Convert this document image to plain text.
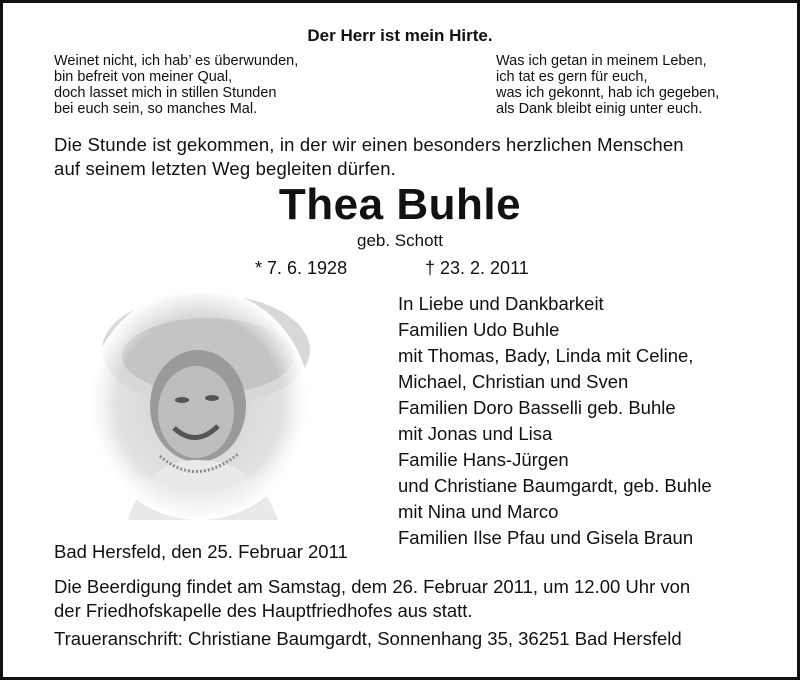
Der Herr ist mein Hirte.
Weinet nicht, ich hab’ es überwunden,
bin befreit von meiner Qual,
doch lasset mich in stillen Stunden
bei euch sein, so manches Mal.
Was ich getan in meinem Leben,
ich tat es gern für euch,
was ich gekonnt, hab ich gegeben,
als Dank bleibt einig unter euch.
Die Stunde ist gekommen, in der wir einen besonders herzlichen Menschen
auf seinem letzten Weg begleiten dürfen.
Thea Buhle
geb. Schott
* 7. 6. 1928	† 23. 2. 2011
In Liebe und Dankbarkeit
Familien Udo Buhle
mit Thomas, Bady, Linda mit Celine,
Michael, Christian und Sven
Familien Doro Basselli geb. Buhle
mit Jonas und Lisa
Familie Hans-Jürgen
und Christiane Baumgardt, geb. Buhle
mit Nina und Marco
Familien Ilse Pfau und Gisela Braun
Bad Hersfeld, den 25. Februar 2011
Die Beerdigung findet am Samstag, dem 26. Februar 2011, um 12.00 Uhr von
der Friedhofskapelle des Hauptfriedhofes aus statt.
Traueranschrift: Christiane Baumgardt, Sonnenhang 35, 36251 Bad Hersfeld
